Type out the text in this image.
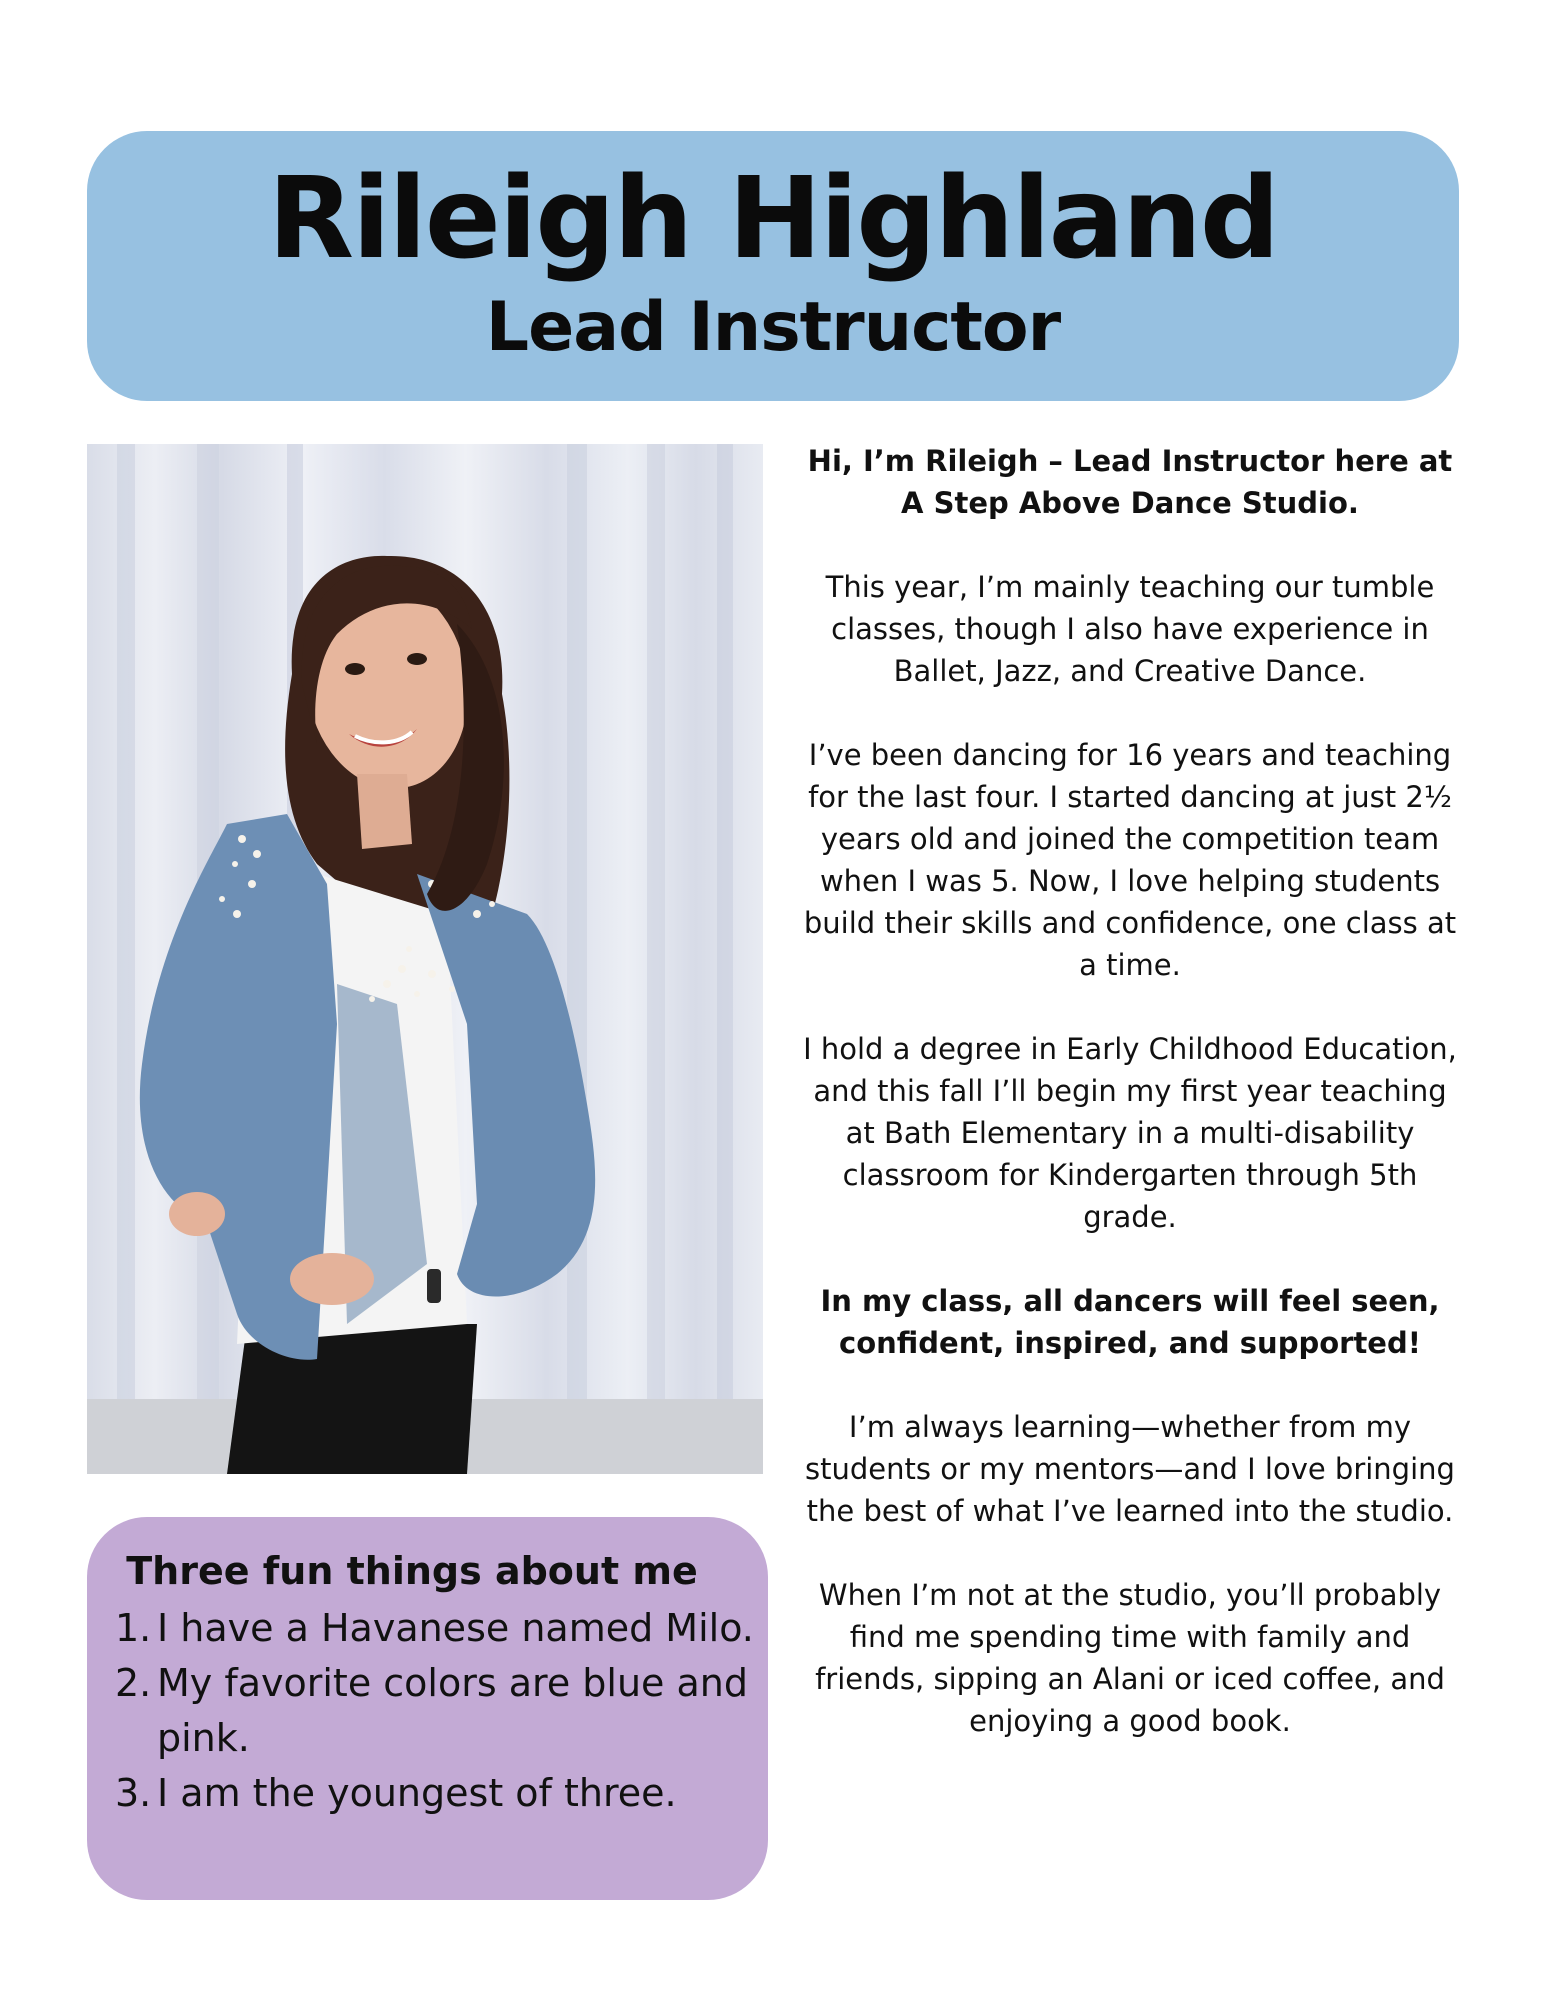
Rileigh Highland
Lead Instructor

Hi, I’m Rileigh – Lead Instructor here at A Step Above Dance Studio.

This year, I’m mainly teaching our tumble classes, though I also have experience in Ballet, Jazz, and Creative Dance.

I’ve been dancing for 16 years and teaching for the last four. I started dancing at just 2½ years old and joined the competition team when I was 5. Now, I love helping students build their skills and confidence, one class at a time.

I hold a degree in Early Childhood Education, and this fall I’ll begin my first year teaching at Bath Elementary in a multi-disability classroom for Kindergarten through 5th grade.

In my class, all dancers will feel seen, confident, inspired, and supported!

I’m always learning—whether from my students or my mentors—and I love bringing the best of what I’ve learned into the studio.

When I’m not at the studio, you’ll probably find me spending time with family and friends, sipping an Alani or iced coffee, and enjoying a good book.

Three fun things about me
1. I have a Havanese named Milo.
2. My favorite colors are blue and pink.
3. I am the youngest of three.
